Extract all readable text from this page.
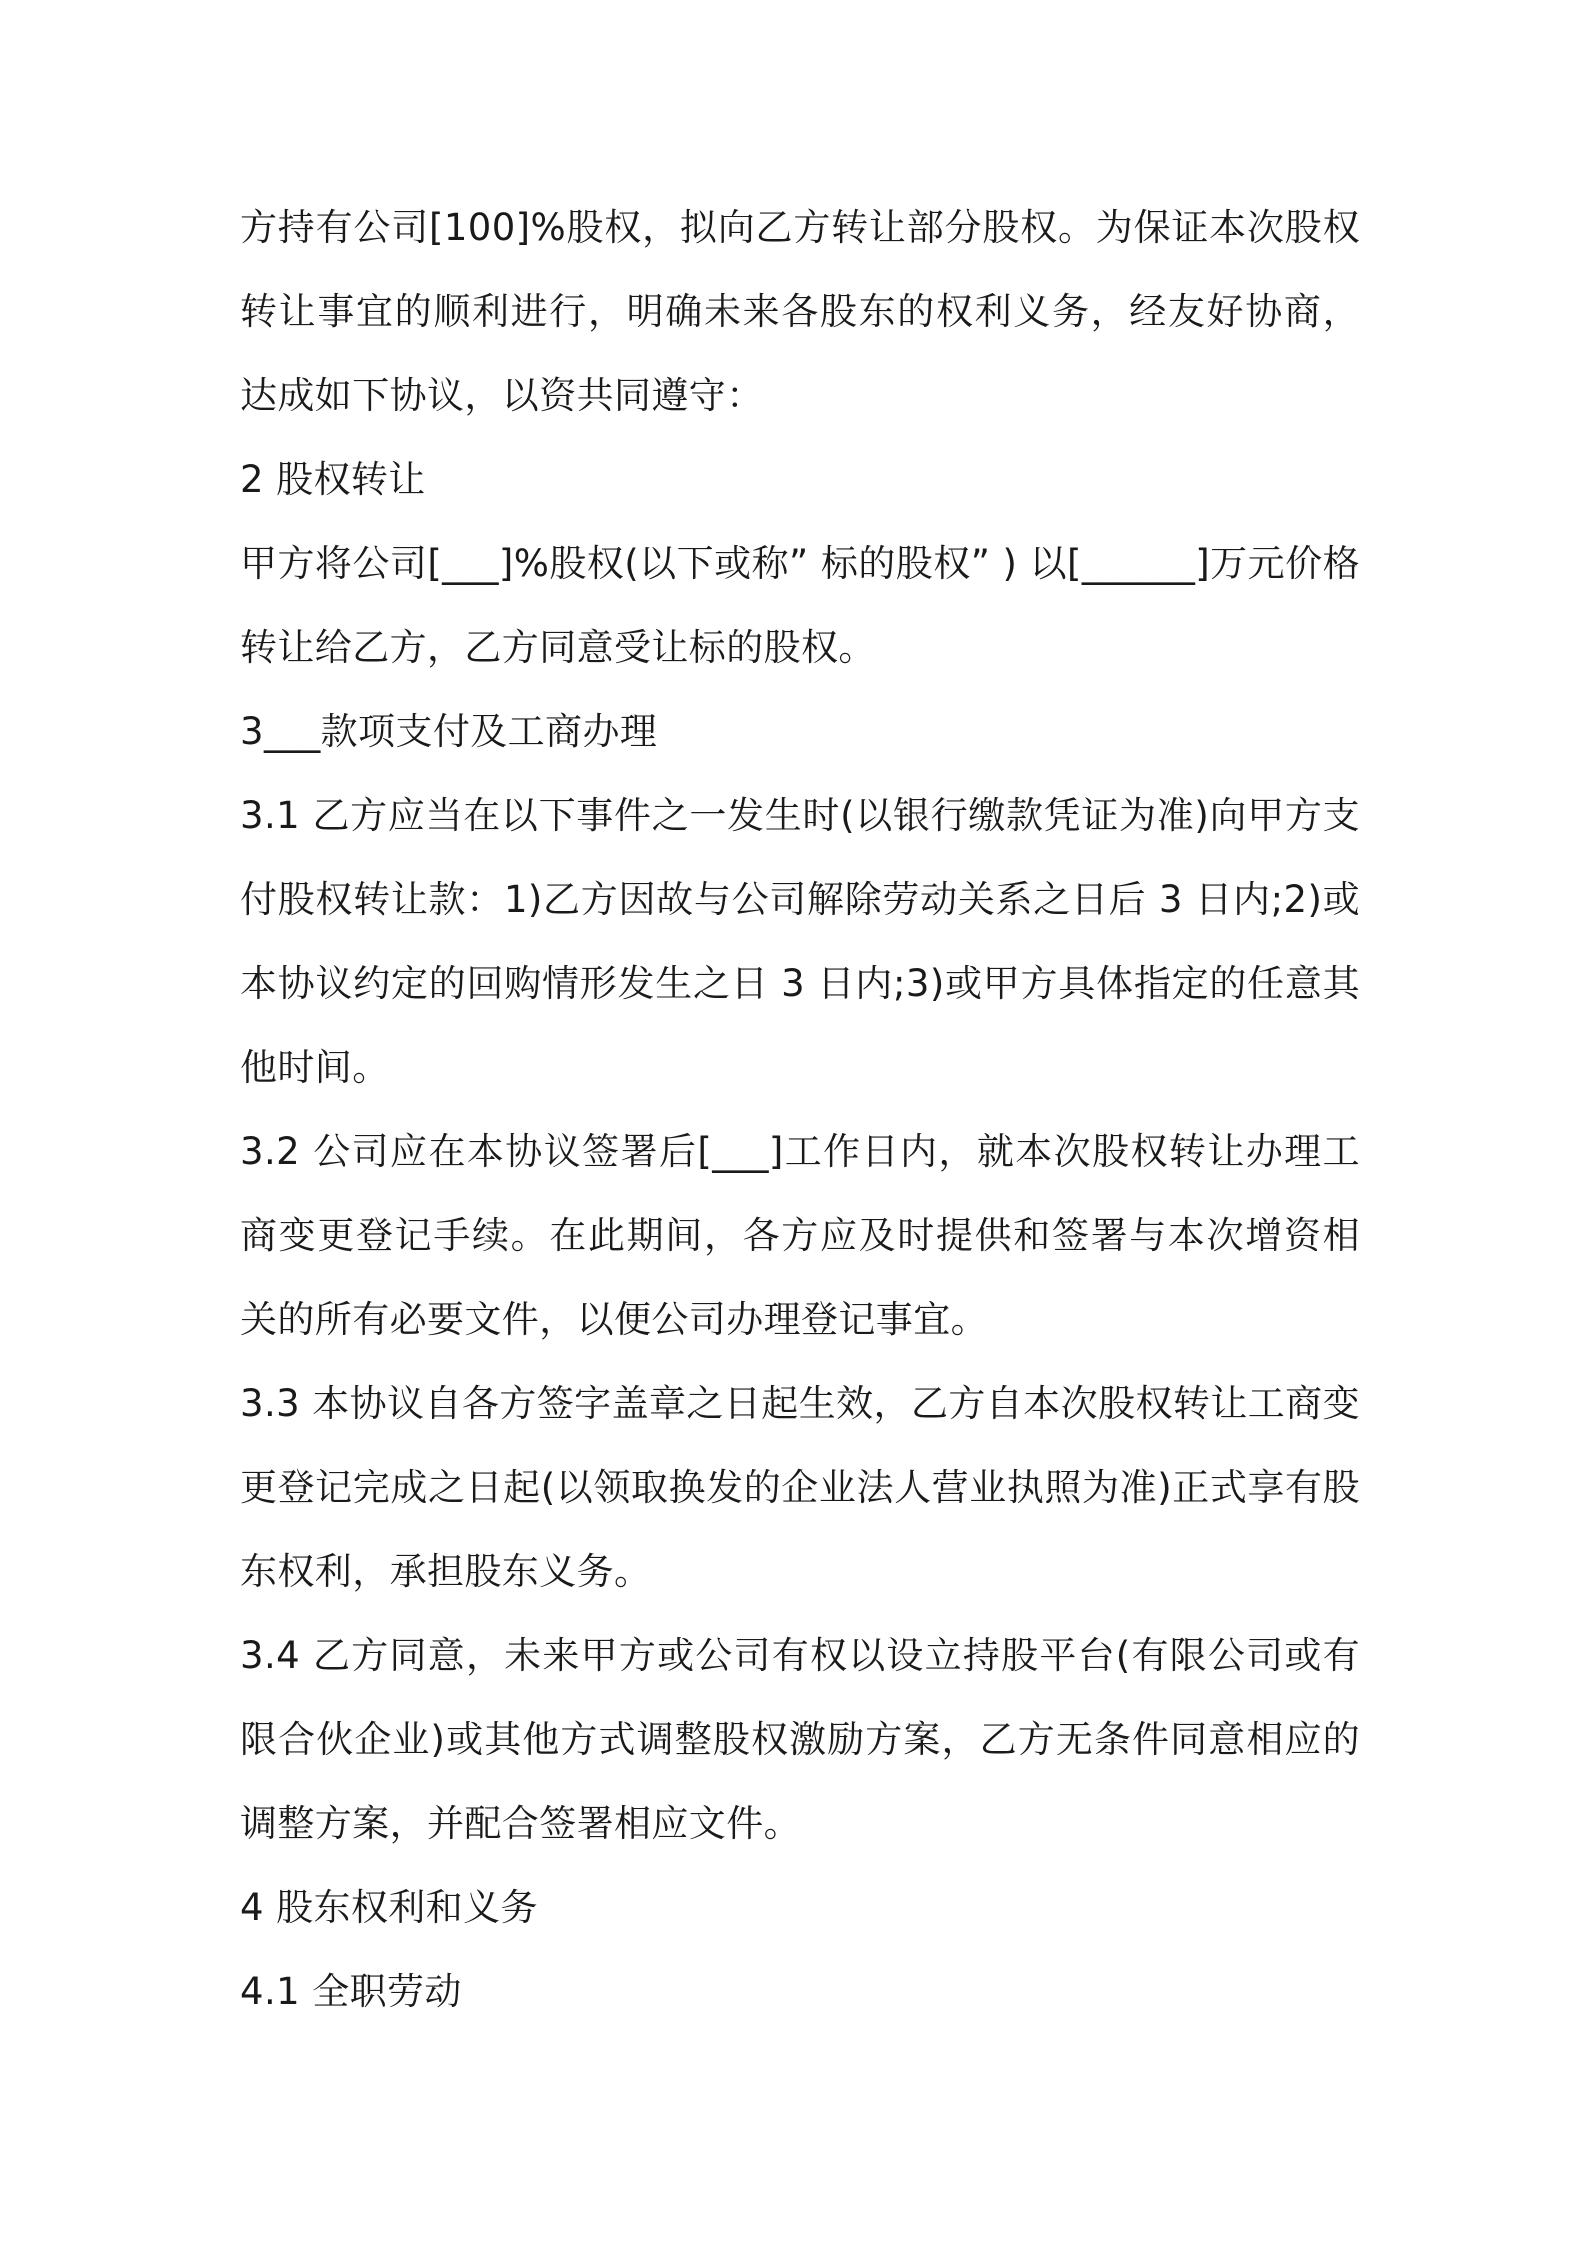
方持有公司[100]%股权，拟向乙方转让部分股权。为保证本次股权转让事宜的顺利进行，明确未来各股东的权利义务，经友好协商，达成如下协议，以资共同遵守：

2 股权转让

甲方将公司[___]%股权(以下或称” 标的股权” ) 以[______]万元价格转让给乙方，乙方同意受让标的股权。

3___款项支付及工商办理

3.1 乙方应当在以下事件之一发生时(以银行缴款凭证为准)向甲方支付股权转让款：1)乙方因故与公司解除劳动关系之日后 3 日内;2)或本协议约定的回购情形发生之日 3 日内;3)或甲方具体指定的任意其他时间。

3.2 公司应在本协议签署后[___]工作日内，就本次股权转让办理工商变更登记手续。在此期间，各方应及时提供和签署与本次增资相关的所有必要文件，以便公司办理登记事宜。

3.3 本协议自各方签字盖章之日起生效，乙方自本次股权转让工商变更登记完成之日起(以领取换发的企业法人营业执照为准)正式享有股东权利，承担股东义务。

3.4 乙方同意，未来甲方或公司有权以设立持股平台(有限公司或有限合伙企业)或其他方式调整股权激励方案，乙方无条件同意相应的调整方案，并配合签署相应文件。

4 股东权利和义务

4.1 全职劳动
